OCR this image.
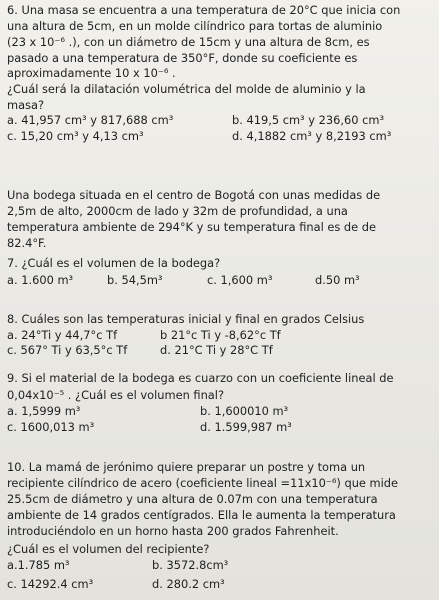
6. Una masa se encuentra a una temperatura de 20°C que inicia con
una altura de 5cm, en un molde cilíndrico para tortas de aluminio
(23 x 10⁻⁶ .), con un diámetro de 15cm y una altura de 8cm, es
pasado a una temperatura de 350°F, donde su coeficiente es
aproximadamente 10 x 10⁻⁶ .
¿Cuál será la dilatación volumétrica del molde de aluminio y la
masa?
a. 41,957 cm³ y 817,688 cm³	b. 419,5 cm³ y 236,60 cm³
c. 15,20 cm³ y 4,13 cm³	d. 4,1882 cm³ y 8,2193 cm³
Una bodega situada en el centro de Bogotá con unas medidas de
2,5m de alto, 2000cm de lado y 32m de profundidad, a una
temperatura ambiente de 294°K y su temperatura final es de de
82.4°F.
7. ¿Cuál es el volumen de la bodega?
a. 1.600 m³	b. 54,5m³	c. 1,600 m³	d.50 m³
8. Cuáles son las temperaturas inicial y final en grados Celsius
a. 24°Ti y 44,7°c Tf	b 21°c Ti y -8,62°c Tf
c. 567° Ti y 63,5°c Tf	d. 21°C Ti y 28°C Tf
9. Si el material de la bodega es cuarzo con un coeficiente lineal de
0,04x10⁻⁵ . ¿Cuál es el volumen final?
a. 1,5999 m³	b. 1,600010 m³
c. 1600,013 m³	d. 1.599,987 m³
10. La mamá de jerónimo quiere preparar un postre y toma un
recipiente cilíndrico de acero (coeficiente lineal =11x10⁻⁶) que mide
25.5cm de diámetro y una altura de 0.07m con una temperatura
ambiente de 14 grados centígrados. Ella le aumenta la temperatura
introduciéndolo en un horno hasta 200 grados Fahrenheit.
¿Cuál es el volumen del recipiente?
a.1.785 m³	b. 3572.8cm³
c. 14292.4 cm³	d. 280.2 cm³
